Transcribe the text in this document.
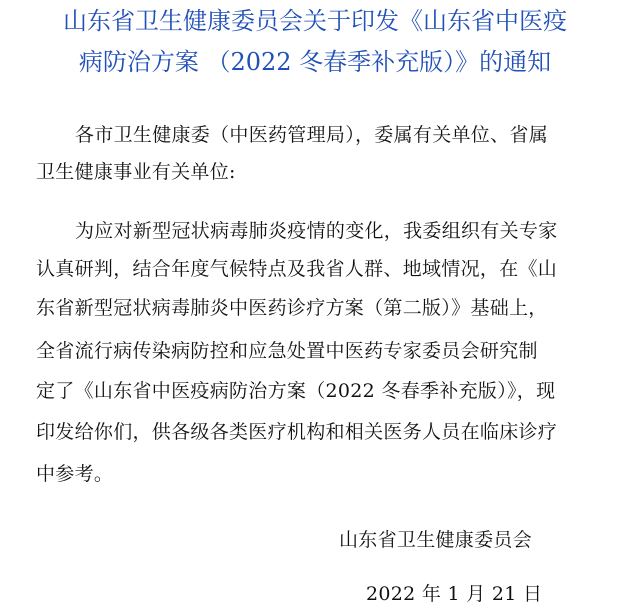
山东省卫生健康委员会关于印发《山东省中医疫
病防治方案 （2022 冬春季补充版）》的通知
各市卫生健康委（中医药管理局），委属有关单位、省属
卫生健康事业有关单位:
为应对新型冠状病毒肺炎疫情的变化，我委组织有关专家
认真研判，结合年度气候特点及我省人群、地域情况，在《山
东省新型冠状病毒肺炎中医药诊疗方案（第二版）》基础上，
全省流行病传染病防控和应急处置中医药专家委员会研究制
定了《山东省中医疫病防治方案（2022 冬春季补充版）》，现
印发给你们，供各级各类医疗机构和相关医务人员在临床诊疗
中参考。
山东省卫生健康委员会
2022 年 1 月 21 日
